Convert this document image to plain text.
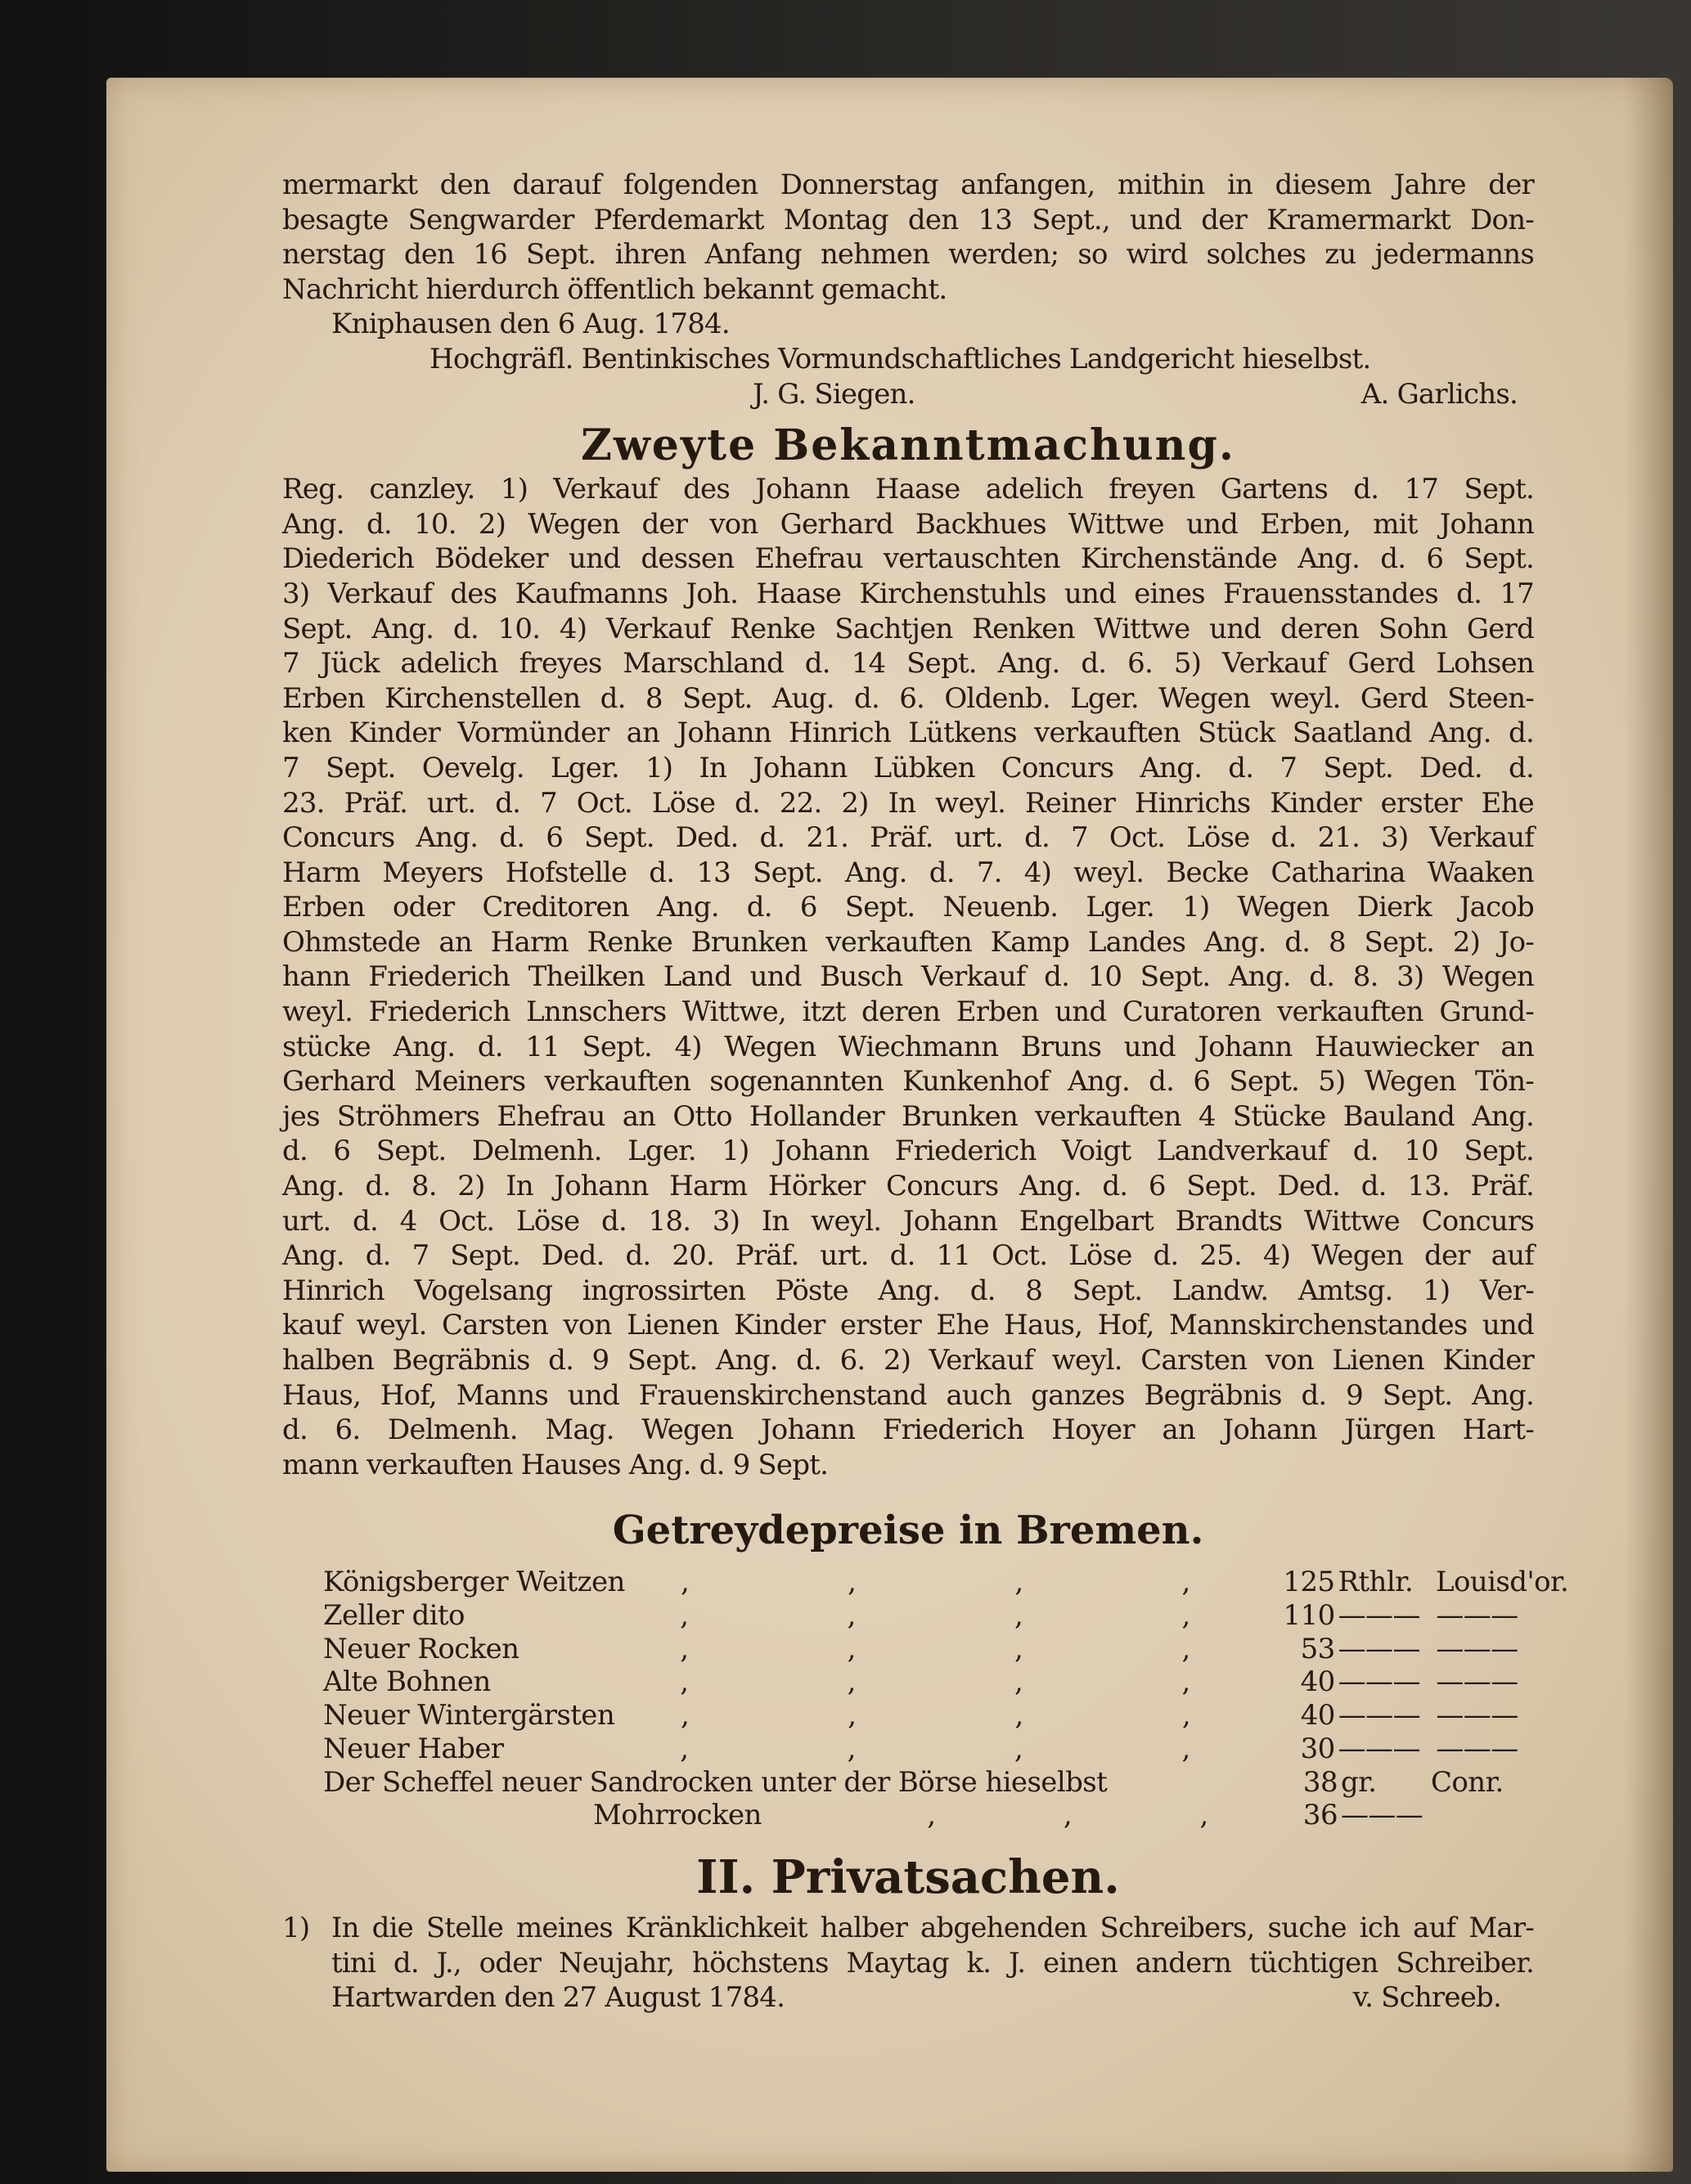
mermarkt den darauf folgenden Donnerstag anfangen, mithin in diesem Jahre der
besagte Sengwarder Pferdemarkt Montag den 13 Sept., und der Kramermarkt Don-
nerstag den 16 Sept. ihren Anfang nehmen werden; so wird solches zu jedermanns
Nachricht hierdurch öffentlich bekannt gemacht.
Kniphausen den 6 Aug. 1784.
Hochgräfl. Bentinkisches Vormundschaftliches Landgericht hieselbst.
J. G. Siegen.	A. Garlichs.
Zweyte Bekanntmachung.
Reg. canzley. 1) Verkauf des Johann Haase adelich freyen Gartens d. 17 Sept.
Ang. d. 10. 2) Wegen der von Gerhard Backhues Wittwe und Erben, mit Johann
Diederich Bödeker und dessen Ehefrau vertauschten Kirchenstände Ang. d. 6 Sept.
3) Verkauf des Kaufmanns Joh. Haase Kirchenstuhls und eines Frauensstandes d. 17
Sept. Ang. d. 10. 4) Verkauf Renke Sachtjen Renken Wittwe und deren Sohn Gerd
7 Jück adelich freyes Marschland d. 14 Sept. Ang. d. 6. 5) Verkauf Gerd Lohsen
Erben Kirchenstellen d. 8 Sept. Aug. d. 6. Oldenb. Lger. Wegen weyl. Gerd Steen-
ken Kinder Vormünder an Johann Hinrich Lütkens verkauften Stück Saatland Ang. d.
7 Sept. Oevelg. Lger. 1) In Johann Lübken Concurs Ang. d. 7 Sept. Ded. d.
23. Präf. urt. d. 7 Oct. Löse d. 22. 2) In weyl. Reiner Hinrichs Kinder erster Ehe
Concurs Ang. d. 6 Sept. Ded. d. 21. Präf. urt. d. 7 Oct. Löse d. 21. 3) Verkauf
Harm Meyers Hofstelle d. 13 Sept. Ang. d. 7. 4) weyl. Becke Catharina Waaken
Erben oder Creditoren Ang. d. 6 Sept. Neuenb. Lger. 1) Wegen Dierk Jacob
Ohmstede an Harm Renke Brunken verkauften Kamp Landes Ang. d. 8 Sept. 2) Jo-
hann Friederich Theilken Land und Busch Verkauf d. 10 Sept. Ang. d. 8. 3) Wegen
weyl. Friederich Lnnschers Wittwe, itzt deren Erben und Curatoren verkauften Grund-
stücke Ang. d. 11 Sept. 4) Wegen Wiechmann Bruns und Johann Hauwiecker an
Gerhard Meiners verkauften sogenannten Kunkenhof Ang. d. 6 Sept. 5) Wegen Tön-
jes Ströhmers Ehefrau an Otto Hollander Brunken verkauften 4 Stücke Bauland Ang.
d. 6 Sept. Delmenh. Lger. 1) Johann Friederich Voigt Landverkauf d. 10 Sept.
Ang. d. 8. 2) In Johann Harm Hörker Concurs Ang. d. 6 Sept. Ded. d. 13. Präf.
urt. d. 4 Oct. Löse d. 18. 3) In weyl. Johann Engelbart Brandts Wittwe Concurs
Ang. d. 7 Sept. Ded. d. 20. Präf. urt. d. 11 Oct. Löse d. 25. 4) Wegen der auf
Hinrich Vogelsang ingrossirten Pöste Ang. d. 8 Sept. Landw. Amtsg. 1) Ver-
kauf weyl. Carsten von Lienen Kinder erster Ehe Haus, Hof, Mannskirchenstandes und
halben Begräbnis d. 9 Sept. Ang. d. 6. 2) Verkauf weyl. Carsten von Lienen Kinder
Haus, Hof, Manns und Frauenskirchenstand auch ganzes Begräbnis d. 9 Sept. Ang.
d. 6. Delmenh. Mag. Wegen Johann Friederich Hoyer an Johann Jürgen Hart-
mann verkauften Hauses Ang. d. 9 Sept.
Getreydepreise in Bremen.
Königsberger Weitzen ,	,	,	,	125 Rthlr. Louisd'or.
Zeller dito	,	,	,	,	110 ——— ———
Neuer Rocken	,	,	,	,	53 ——— ———
Alte Bohnen	,	,	,	,	40 ——— ———
Neuer Wintergärsten ,	,	,	,	40 ——— ———
Neuer Haber	,	,	,	,	30 ——— ———
Der Scheffel neuer Sandrocken unter der Börse hieselbst	38 gr.	Conr.
Mohrrocken	,	,	,	36 ———
II. Privatsachen.
1) In die Stelle meines Kränklichkeit halber abgehenden Schreibers, suche ich auf Mar-
tini d. J., oder Neujahr, höchstens Maytag k. J. einen andern tüchtigen Schreiber.
Hartwarden den 27 August 1784.	v. Schreeb.
